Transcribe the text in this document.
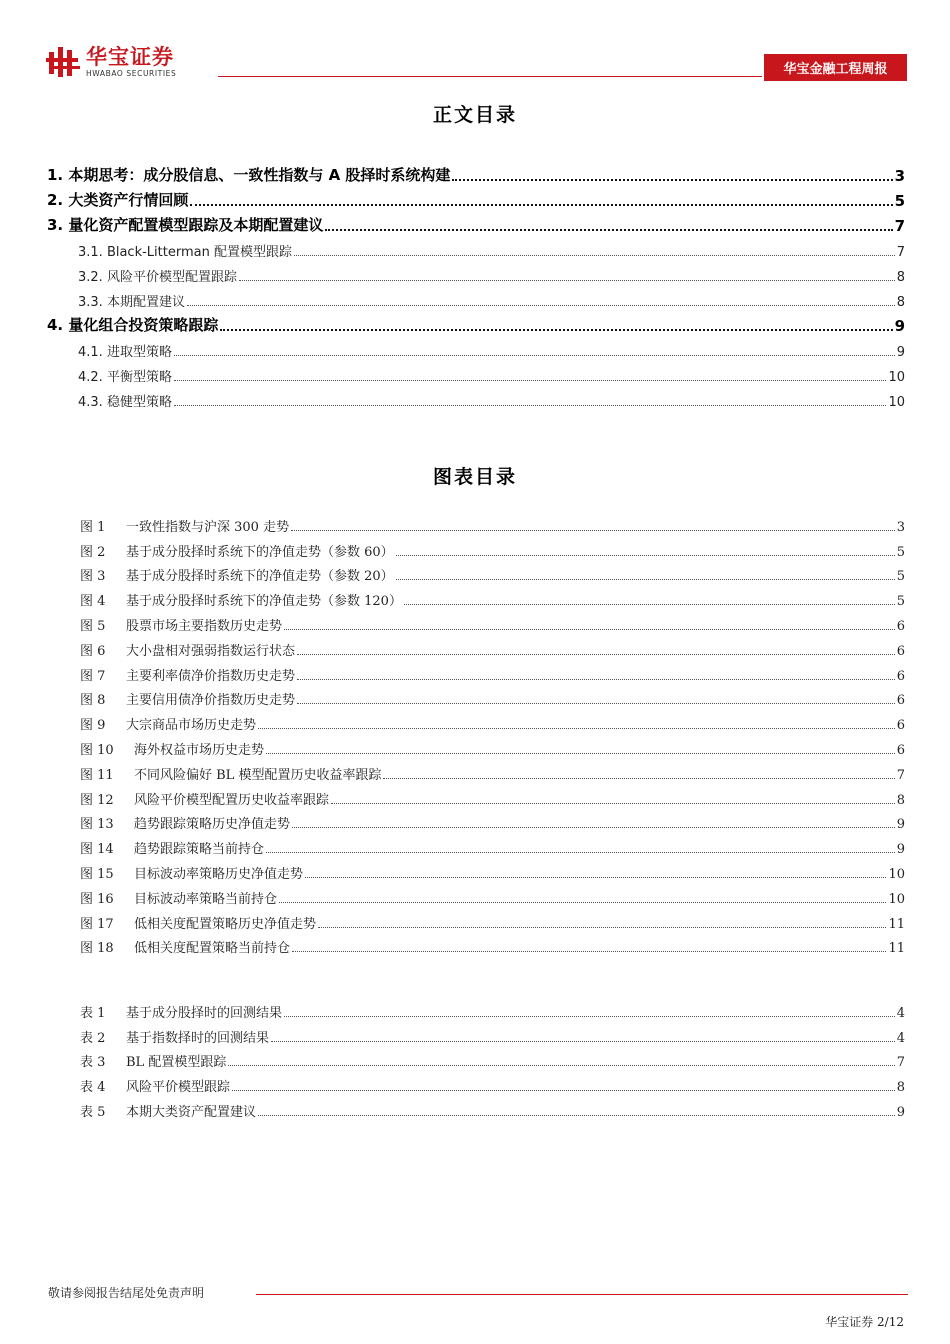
华宝证券
HWABAO SECURITIES	华宝金融工程周报
正文目录
1. 本期思考：成分股信息、一致性指数与 A 股择时系统构建	3
2. 大类资产行情回顾	5
3. 量化资产配置模型跟踪及本期配置建议	7
3.1. Black-Litterman 配置模型跟踪	7
3.2. 风险平价模型配置跟踪	8
3.3. 本期配置建议	8
4. 量化组合投资策略跟踪	9
4.1. 进取型策略	9
4.2. 平衡型策略	10
4.3. 稳健型策略	10
图表目录
图 1 一致性指数与沪深 300 走势	3
图 2 基于成分股择时系统下的净值走势（参数 60）	5
图 3 基于成分股择时系统下的净值走势（参数 20）	5
图 4 基于成分股择时系统下的净值走势（参数 120）	5
图 5 股票市场主要指数历史走势	6
图 6 大小盘相对强弱指数运行状态	6
图 7 主要利率债净价指数历史走势	6
图 8 主要信用债净价指数历史走势	6
图 9 大宗商品市场历史走势	6
图 10 海外权益市场历史走势	6
图 11 不同风险偏好 BL 模型配置历史收益率跟踪	7
图 12 风险平价模型配置历史收益率跟踪	8
图 13 趋势跟踪策略历史净值走势	9
图 14 趋势跟踪策略当前持仓	9
图 15 目标波动率策略历史净值走势	10
图 16 目标波动率策略当前持仓	10
图 17 低相关度配置策略历史净值走势	11
图 18 低相关度配置策略当前持仓	11
表 1 基于成分股择时的回测结果	4
表 2 基于指数择时的回测结果	4
表 3 BL 配置模型跟踪	7
表 4 风险平价模型跟踪	8
表 5 本期大类资产配置建议	9
敬请参阅报告结尾处免责声明
华宝证券 2/12
